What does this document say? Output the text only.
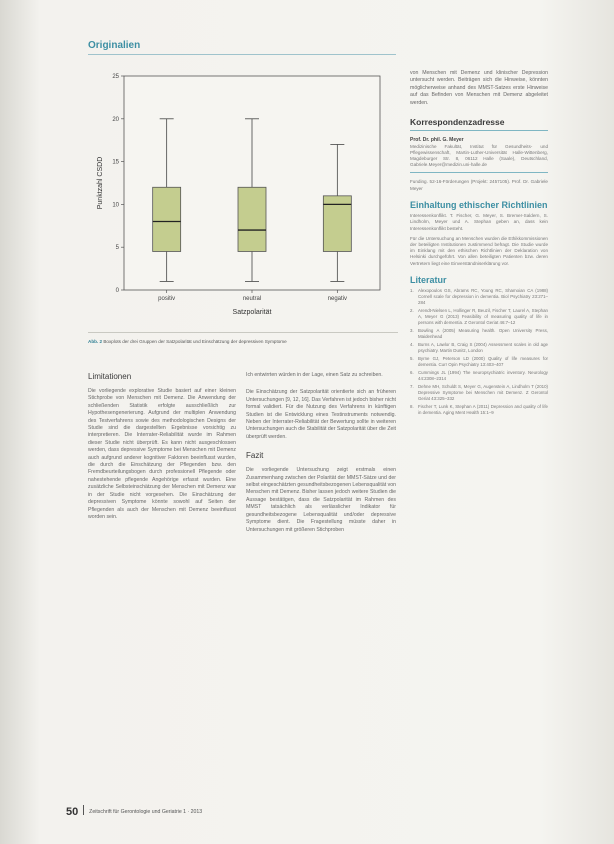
Originalien
0
5
10
15
20
25
Punktzahl CSDD
positiv	neutral	negativ
Satzpolarität
Abb. 2 Boxplots der drei Gruppen der Satzpolarität und Einschätzung der depressiven Symptome
Limitationen

Die vorliegende explorative Studie basiert auf einer kleinen Stichprobe von Menschen mit Demenz. Die Anwendung der schließenden Statistik erfolgte ausschließlich zur Hypothesengenerierung. Aufgrund der multiplen Anwendung des Testverfahrens sowie des methodologischen Designs der Studie sind die dargestellten Ergebnisse vorsichtig zu interpretieren. Die Interrater-Reliabilität wurde im Rahmen dieser Studie nicht überprüft. Es kann nicht ausgeschlossen werden, dass depressive Symptome bei Menschen mit Demenz auch aufgrund anderer kognitiver Faktoren beeinflusst wurden, die durch die Einschätzung der Pflegenden bzw. den Fremdbeurteilungsbogen durch professionell Pflegende oder nahestehende pflegende Angehörige erfasst wurden. Eine zusätzliche Selbsteinschätzung der Menschen mit Demenz war in der Studie nicht vorgesehen. Die Einschätzung der depressiven Symptome könnte sowohl auf Seiten der Pflegenden als auch der Menschen mit Demenz beeinflusst worden sein.

Ich entwirrten würden in der Lage, einen Satz zu schreiben.

Die Einschätzung der Satzpolarität orientierte sich an früheren Untersuchungen [9, 12, 16]. Das Verfahren ist jedoch bisher nicht formal validiert. Für die Nutzung des Verfahrens in künftigen Studien ist die Entwicklung eines Testinstruments notwendig. Neben der Interrater-Reliabilität der Bewertung sollte in weiteren Untersuchungen auch die Stabilität der Satzpolarität über die Zeit überprüft werden.

Fazit

Die vorliegende Untersuchung zeigt erstmals einen Zusammenhang zwischen der Polarität der MMST-Sätze und der selbst eingeschätzten gesundheitsbezogenen Lebensqualität von Menschen mit Demenz. Bisher lassen jedoch weitere Studien die Aussage bestätigen, dass die Satzpolarität im Rahmen des MMST tatsächlich als verlässlicher Indikator für gesundheitsbezogene Lebensqualität und/oder depressive Symptome dient. Die Fragestellung müsste daher in Untersuchungen mit größeren Stichproben

von Menschen mit Demenz und klinischer Depression untersucht werden. Beiträgen sich die Hinweise, könnten möglicherweise anhand des MMST-Satzes erste Hinweise auf das Befinden von Menschen mit Demenz abgeleitet werden.

Korrespondenzadresse
Prof. Dr. phil. G. Meyer
Medizinische Fakultät, Institut für Gesundheits- und Pflegewissenschaft, Martin-Luther-Universität Halle-Wittenberg, Magdeburger Str. 8, 06112 Halle (Saale), Deutschland, Gabriele.Meyer@medizin.uni-halle.de
Funding. 52-16-Förderungen (Projekt: 2457105). Prof. Dr. Gabriele Meyer
Einhaltung ethischer Richtlinien
Interessenkonflikt. T. Fischer, G. Meyer, S. Bremer-Saldern, S. Lindholm, Meyer und A. Stephan geben an, dass kein Interessenkonflikt besteht.
Für die Untersuchung an Menschen wurden die Ethikkommissionen der beteiligten Institutionen zustimmend befragt. Die Studie wurde im Einklang mit den ethischen Richtlinien der Deklaration von Helsinki durchgeführt. Von allen beteiligten Patienten bzw. deren Vertretern liegt eine Einverständniserklärung vor.
Literatur
1. Alexopoulos GS, Abrams RC, Young RC, Shamoian CA (1988) Cornell scale for depression in dementia. Biol Psychiatry 23:271–284
2. Arendt-Nielsen L, Hollinger R, Beuzil, Fischer T, Laurel A, Stephan A, Meyer G (2013) Feasibility of measuring quality of life in persons with dementia. Z Gerontol Geriat 46:7–12
3. Bowling A (2005) Measuring health. Open University Press, Maidenhead
4. Burns A, Lawlor B, Craig S (2004) Assessment scales in old age psychiatry. Martin Dunitz, London
5. Byrne GJ, Peterson LD (2000) Quality of life measures for dementia. Curr Opin Psychiatry 13:403–407
6. Cummings JL (1994) The neuropsychiatric inventory. Neurology 44:2308–2314
7. Dehne MH, Schuldt S, Meyer G, Augenstein A, Lindholm T (2010) Depressive Symptome bei Menschen mit Demenz. Z Gerontol Geriat 43:325–332
8. Fischer T, Lunk K, Stephan A (2011) Depression and quality of life in dementia. Aging Ment Health 15:1–9
50 Zeitschrift für Gerontologie und Geriatrie 1 · 2013
